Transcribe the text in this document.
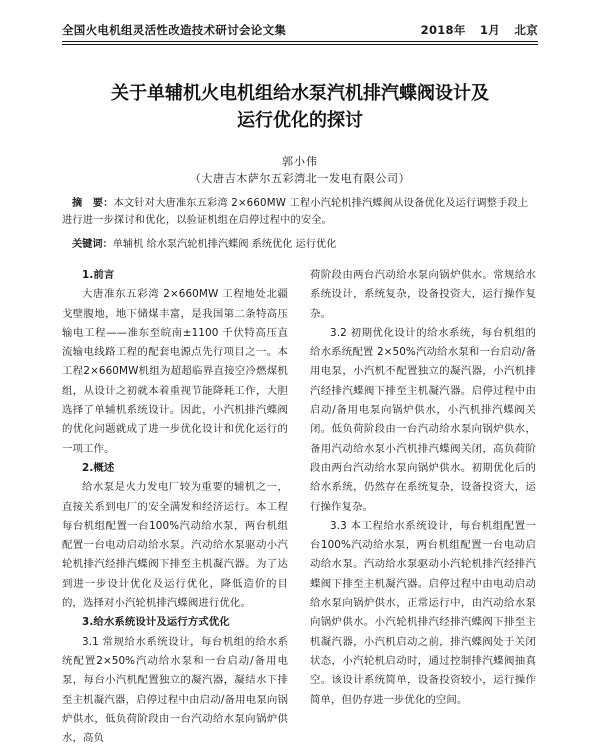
全国火电机组灵活性改造技术研讨会论文集	2018年 1月 北京
关于单辅机火电机组给水泵汽机排汽蝶阀设计及
运行优化的探讨
郭小伟
（大唐吉木萨尔五彩湾北一发电有限公司）
摘　要：本文针对大唐准东五彩湾 2×660MW 工程小汽轮机排汽蝶阀从设备优化及运行调整手段上进行进一步探讨和优化，以验证机组在启停过程中的安全。
关键词：单辅机 给水泵汽轮机排汽蝶阀 系统优化 运行优化

1.前言

大唐准东五彩湾 2×660MW 工程地处北疆戈壁腹地，地下储煤丰富，是我国第二条特高压输电工程——准东至皖南±1100 千伏特高压直流输电线路工程的配套电源点先行项目之一。本工程2×660MW机组为超超临界直接空冷燃煤机组，从设计之初就本着重视节能降耗工作，大胆选择了单辅机系统设计。因此，小汽机排汽蝶阀的优化问题就成了进一步优化设计和优化运行的一项工作。

2.概述

给水泵是火力发电厂较为重要的辅机之一，直接关系到电厂的安全满发和经济运行。本工程每台机组配置一台100%汽动给水泵，两台机组配置一台电动启动给水泵。汽动给水泵驱动小汽轮机排汽经排汽蝶阀下排至主机凝汽器。为了达到进一步设计优化及运行优化，降低造价的目的，选择对小汽轮机排汽蝶阀进行优化。

3.给水系统设计及运行方式优化

3.1 常规给水系统设计，每台机组的给水系统配置2×50%汽动给水泵和一台启动/备用电泵，每台小汽机配置独立的凝汽器，凝结水下排至主机凝汽器，启停过程中由启动/备用电泵向锅炉供水，低负荷阶段由一台汽动给水泵向锅炉供水，高负

荷阶段由两台汽动给水泵向锅炉供水。常规给水系统设计，系统复杂，设备投资大，运行操作复杂。

3.2 初期优化设计的给水系统，每台机组的给水系统配置 2×50%汽动给水泵和一台启动/备用电泵，小汽机不配置独立的凝汽器，小汽机排汽经排汽蝶阀下排至主机凝汽器。启停过程中由启动/备用电泵向锅炉供水，小汽机排汽蝶阀关闭。低负荷阶段由一台汽动给水泵向锅炉供水，备用汽动给水泵小汽机排汽蝶阀关闭，高负荷阶段由两台汽动给水泵向锅炉供水。初期优化后的给水系统，仍然存在系统复杂，设备投资大，运行操作复杂。

3.3 本工程给水系统设计，每台机组配置一台100%汽动给水泵，两台机组配置一台电动启动给水泵。汽动给水泵驱动小汽轮机排汽经排汽蝶阀下排至主机凝汽器。启停过程中由电动启动给水泵向锅炉供水，正常运行中，由汽动给水泵向锅炉供水。小汽轮机排汽经排汽蝶阀下排至主机凝汽器，小汽机启动之前，排汽蝶阀处于关闭状态，小汽轮机启动时，通过控制排汽蝶阀抽真空。该设计系统简单，设备投资较小，运行操作简单，但仍存进一步优化的空间。
